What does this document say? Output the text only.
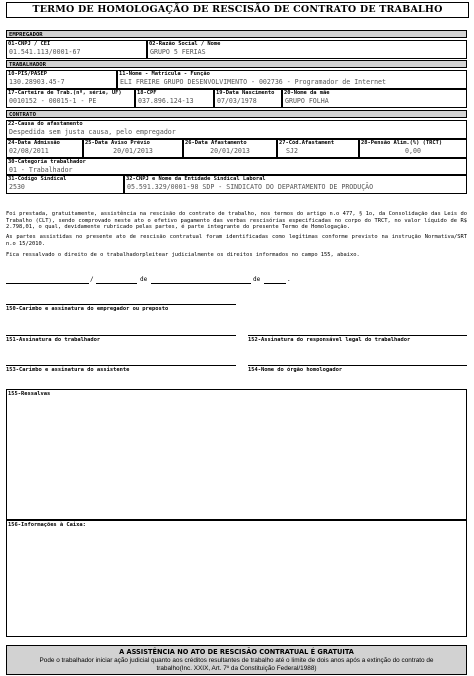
TERMO DE HOMOLOGAÇÃO DE RESCISÃO DE CONTRATO DE TRABALHO
EMPREGADOR
01-CNPJ / CEI
01.541.113/0001-67
02-Razão Social / Nome
GRUPO 5 FERIAS
TRABALHADOR
10-PIS/PASEP
130.28903.45-7
11-Nome - Matrícula - Função
ELI FREIRE GRUPO DESENVOLVIMENTO - 002736 - Programador de Internet
17-Carteira de Trab.(nº, série, UF)
0010152 - 00015-1 - PE
18-CPF
037.896.124-13
19-Data Nascimento
07/03/1978
20-Nome da mãe
GRUPO FOLHA
CONTRATO
22-Causa do afastamento
Despedida sem justa causa, pelo empregador
24-Data Admissão
02/08/2011
25-Data Aviso Prévio
20/01/2013
26-Data Afastamento
20/01/2013
27-Cód.Afastament
SJ2
28-Pensão Alim.(%) (TRCT)
0,00
30-Categoria trabalhador
01 - Trabalhador
31-Código Sindical
2530
32-CNPJ e Nome da Entidade Sindical Laboral
05.591.329/0001-98 SDP - SINDICATO DO DEPARTAMENTO DE PRODUÇÃO
Foi prestada, gratuitamente, assistência na rescisão do contrato de trabalho, nos termos do artigo n.o 477, § 1o, da Consolidação das Leis do Trabalho (CLT), sendo comprovado neste ato o efetivo pagamento das verbas rescisórias especificadas no corpo do TRCT, no valor líquido de R$ 2.798,01, o qual, devidamente rubricado pelas partes, é parte integrante do presente Termo de Homologação.
As partes assistidas no presente ato de rescisão contratual foram identificadas como legítimas conforme previsto na instrução Normativa/SRT n.o 15/2010.
Fica ressalvado o direito de o trabalhadorpleitear judicialmente os direitos informados no campo 155, abaixo.
/	de	de	.
150-Carimbo e assinatura do empregador ou preposto
151-Assinatura do trabalhador	152-Assinatura do responsável legal do trabalhador
153-Carimbo e assinatura do assistente	154-Nome do órgão homologador
155-Ressalvas
156-Informações à Caixa:
A ASSISTÊNCIA NO ATO DE RESCISÃO CONTRATUAL É GRATUITA
Pode o trabalhador iniciar ação judicial quanto aos créditos resultantes de trabalho até o limite de dois anos após a extinção do contrato de
trabalho(Inc. XXIX, Art. 7º da Constituição Federal/1988)
